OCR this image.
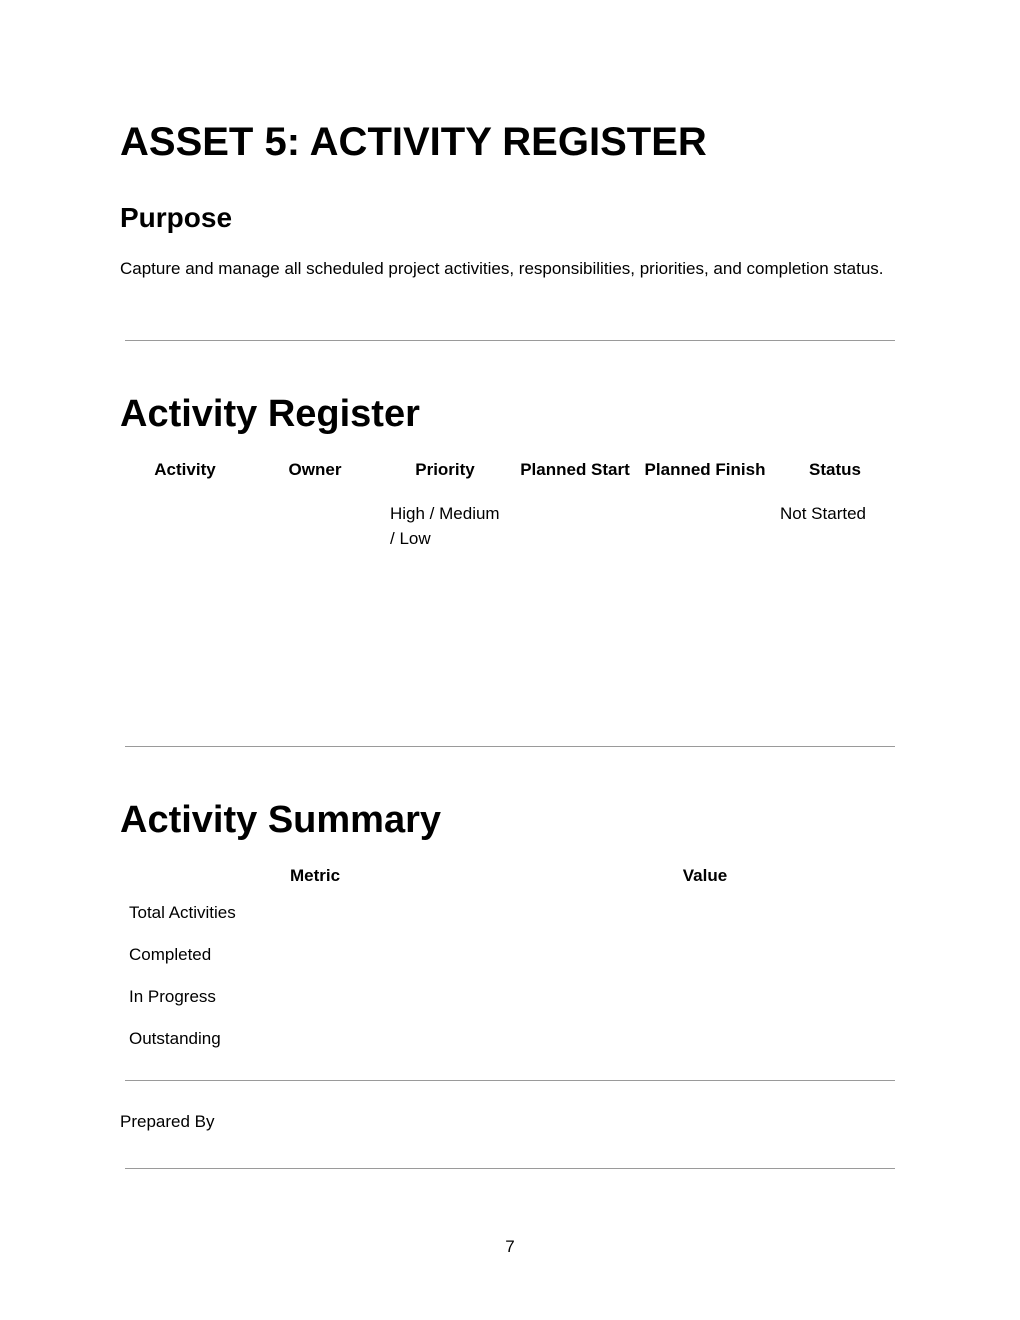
ASSET 5: ACTIVITY REGISTER
Purpose

Capture and manage all scheduled project activities, responsibilities, priorities, and completion status.

Activity Register
Activity	Owner	Priority	Planned Start	Planned Finish	Status
		High / Medium / Low			Not Started
Activity Summary
Metric	Value
Total Activities	
Completed	
In Progress	
Outstanding	

Prepared By

7
